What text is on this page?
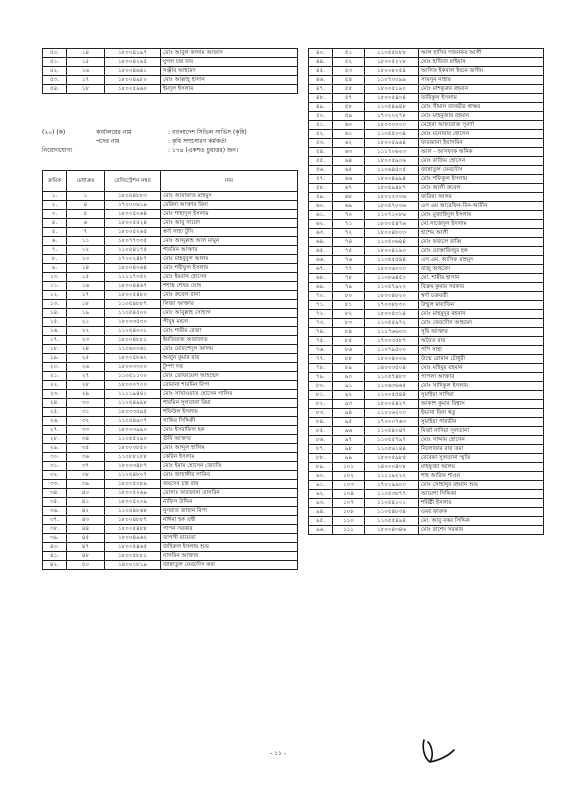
৫০.	১৪	১৮০০৪১৯৭	মোঃ আবুল কালাম আজাদ
৫১.	১৫	১৮০০৪২৯৫	যুগল চন্দ্র রায়
৫২.	১৬	১৮০০৪৬৪১	সঞ্জীব আহমেদ
৫৩.	১৭	১৮০০৪৯৮০	মোঃ আল্লাহ্‌ হাসান
৫৪.	১৮	১৮০০৫৯৬০	ইমদুল ইসলাম
(২০) (ক)	কার্যালয়ের নাম	: বাংলাদেশ সিভিল সার্ভিস (কৃষি)
পদের নাম	: কৃষি সম্প্রসারণ কর্মকর্তা
নিয়োগযোগ্য	: ১৭৪ (একশত চুয়াত্তর) জন।
ক্রমিক	মেধাক্রম	রেজিস্ট্রেশন নম্বর	নাম
১.	১	১৮০৫৪৮৮৩	মোঃ আরাফাত মাহমুদ
২.	৪	১৭০০০৬১৯	মেরিনা আক্তার রিনা
৩.	৫	১৮০০৫০৬৪	মোঃ শাহাদুল ইসলাম
৪.	৬	১৮০০৫৫২৪	মোঃ আবু সায়েদ
৫.	৭	১৮০০৫২৬৫	স্বর্ণা সাহা টুসি
৬.	১১	১৮০৭৭৩৩৫	মোঃ আব্দুল্লাহ আল মামুন
৭.	১২	১১০৫৪১৭৫	শারমিন আক্তার
৮.	১৩	১৭০০২৪৮৭	মোঃ মাহবুবুল আলম
৯.	১৪	১৮০০৪০৬৪	মোঃ শরীফুল ইসলাম
১০.	১৫	১১১১৭৩৫২	মোঃ ইমরান হোসেন
১১.	১৬	১৮০০৪৪৬৭	শশাঙ্ক শেখর ঘোষ
১২.	১৭	১৮০০৫৪৮০	মোঃ রুবেল রানা
১৩.	১৮	১১০৫৪৮৮৭	লিজা আক্তার
১৪.	১৯	১১০৫৪৫০০	মোঃ আবুল্লাহ সোহাগ
১৫.	২১	১৮০৩৩৫৩০	পীযুষ মন্ডল
১৬.	২২	১১০৫৪০০১	মোঃ শামীম রেজা
১৭.	২৩	১৮০০৪৮৮১	ইমতিয়াজ আরাফাত
১৮.	২৪	১১০৬০০৬১	মোঃ মোরশেদুল আলম
১৯.	২৫	১৮০০৫৮৬২	অর্জুন কুমার রায়
২০.	২৬	১৮০০৩৩০০	টুম্পা দত্ত
২১.	২৭	১১০৫১১০০	মোঃ তোফায়েল আহম্মেদ
২২.	২৮	১৮০০০৭০০	রোমানা শারমিন রিপা
২৩.	২৯	১১১১৯৪৪১	মোঃ সাখাওয়াত হোসেন গালিব
২৪.	৩০	১১০৫৪৯৯৮	শারমিন সুলতানা রিমা
২৫.	৩১	১৮০৩৩৫৯৫	শফিউল ইসলাম
২৬.	৩২	১১০৫৪৯০৭	সাকির সিদ্দিকী
২৭.	৩৩	১৮০০৩৯৯০	মোঃ ইসরাফিল হক
২৮.	৩৪	১১০৫৫২৯০	ঊর্মি আক্তার
২৯.	৩৫	১৮০০৩৮৫০	মোঃ আব্দুল হালিম
৩০.	৩৬	১১০৮৮১৮৮	কেরিন ইসলাম
৩১.	৩৭	১৮০০৩৪৮৭	মোঃ ইমাম হোসেন জ্যোতি
৩২.	৩৮	১১০৫৪৮০৭	মোঃ জাহাঙ্গীর সাকিব
৩৩.	৩৯	১৮০০৫০৮৯	জয়দেব চন্দ্র রায়
৩৪.	৪০	১৮০০৫২৬৯	মোসাঃ ফারজানা তাসরিন
৩৫.	৪১	১৮০০৫২০৯	নাফিস উদ্দিন
৩৬.	৪২	১১০৫৪৮৬৮	নুসরাত জাহান রিপা
৩৭.	৪৩	১৮০০৪৮৮৭	নাঈমা হক তন্বী
৩৮.	৪৪	১৮০০৫৪৮৮	পাপন সরকার
৩৯.	৪৫	১৮০০৪৯৬২	তাপসী রায়েতা
৪০.	৪৭	১৮০০৫৪৬৫	জহিরুল ইসলাম শুভ
৪১.	৪৮	১৮০০৫৮৮১	নাসরিন আক্তার
৪২.	৫০	১৪০০১৮১৯	জান্নাতুল ফেরদৌস কবা
৪০.	৫১	১১০৫৫৮৮৮	আল হাসিব গজনফর আলী
৪৪.	৫২	১৮০০৫২২৮	মোঃ হাফিজ রাইয়ান
৪৫.	৫৩	১৮০০৮০৫৪	আসিফ ইকবাল ইবনে জসীম
৪৬.	৫৪	১১০৭০০৯৯	সামসুন নাহার
৪৭.	৫৫	১৮০০৫১৯০	মোঃ মাশকুরুর রহমান
৪৮.	৫৭	১৮০০৫৪০৪	তারিকুল ইসলাম
৪৯.	৫৮	১১০৫৪৯৪৮	মোঃ খীমান তানভীর স্বাক্ষর
৫০.	৫৯	১৭০২০২৭৮	মোঃ মাহমুজার রহমান
৫১.	৬০	১৮০৩০০০০	মেহেরা আফরোজ সুবর্ণা
৫২.	৬১	১১০৫৫০০৪	মোঃ মনোয়ার হোসেন
৫৩.	৬২	১৮০০৫৯৬৪	ফারজানা ইয়াসমিন
৫৪.	৬৩	১১১৭০৬২৩	আল - আসফাক অনিক
৫৫.	৬৪	১৮০০৫৯০৬	মোঃ রাজিম হোসেন
৫৬.	৬৫	১১০৬৪৫০৫	জান্নাতুল ফেরদৌস
৫৭.	৬৬	১৮০০৪৯৯৪	মোঃ শফিকুল ইসলাম
৫৮.	৬৭	১৮০৫৯৪৮৭	মোঃ আলী রুবেল
৫৯.	৬৮	১৮০২২০০৬	ফারিয়া আলম
৬০.	৬৯	১৮০৫৭০০৬	এস এম আরেফিন-বিন-আমীন
৬১.	৭০	১১০৭১০৮৬	মোঃ মুজাহিদুল ইসলাম
৬২.	৭১	১৮০০৫৪৭৬	মো.সাজেদুল ইসলাম
৬৩.	৭২	১৮০০৪৮০৩	হাশেম আলী
৬৪.	৭৪	১১০৫০৬৪৪	মোঃ ফজলে রাব্বি
৬৫.	৭৫	১৮০০৪১৯০	মোঃ মোস্তাফিজুর হক
৬৬.	৭৬	১১০৫৫৫৪৪	এস.এম. আসিফ মাহমুদ
৬৭.	৭৭	১৮০০৬০০০	রাজু আহমেদ
৬৮.	৭৮	১১০৮৬৪৫০	মো. শামীম হাসান
৬৯.	৭৯	১১০৫৭৯২০	বিক্রম কুমার সরকার
৭০.	৮০	১৮০০৪৮২০	স্বর্ণা চক্রবর্তী
৭১.	৮১	১৭০৩৮৮৩০	উম্মুল মায়াফিন
৭২.	৮২	১৮০০৫৩১৪	মোঃ মাহমুদুর রহমান
৭৩.	৮৩	১১০৫৫৯৭২	মোঃ ফেরদৌস আহমেদ
৭৪.	৮৪	১১১৭৬৬০৩	সুমি আক্তার
৭৫.	৮৫	১৭০০৩৫৮৭	অদ্বৈত রায়
৭৬.	৮৬	১১০৭৯৫০০	পপি সাহা
৭৭.	৮৮	১৮০০৪০০৬	উম্মে রোমান চৌধুরী
৭৮.	৮৯	১৪০০৩৫০৪	মোঃ মহিবুর রহমান
৭৯.	৯০	১১০৫৭৪৮৩	পাপলা আক্তার
৮০.	৯১	১১০৬৩৬৬৫	মোঃ সাদিকুল ইসলাম
৮১.	৯২	১১০০৫৫৪৪	সুমাইয়া সাদিয়া
৮২.	৯৩	১৮০০৫৪২৭	আকাশ কুমার বিশ্বাস
৮৩.	৯৪	১১০১৬২০০	ইভানা বিনা স্বতু
৮৪.	৯৫	১৭০০০৭৬৩	সুমাইয়া পারভীন
৮৫.	৯৬	১১০৫৪০৪৭	মির্জা নাদিয়া সুলতানা
৮৬.	৯৭	১১০৫৫৭৯৭	মোঃ সাদ্দাম হোসেন
৮৭.	৯৮	১১০৫৬১৪৪	নিলোফার রায় তমা
৮৮.	৯৯	১৮০০৫৯৮৫	রেবেকা সুলতানা স্মৃতি
৮৯.	১০১	১৪০০০৪০৮	মাহফুজা আলম
৯০.	১০২	১১১১৯২২২	শাহ আরিফ শাওন
৯১.	১০৩	১৭০১৯৯০০	মোঃ সোহানুর রহমান শুভ
৯২.	১০৪	১১০৫৩৮৭৭	আয়েশা সিদ্দিকা
৯৩.	১০৭	১১০৫৪১০১	শর্মিষ্ঠী ইসলাম
৯৪.	১০৮	১১০৫৪৮৩৪	ওমর ফারুক
৯৫.	১১০	১১০৫৫৪৯৪	মো. আবু বকর সিদ্দিক
৯৬.	১১১	১৮০০৪৩৪৬	মোঃ রাশেদ সরকার
- ১১ -
